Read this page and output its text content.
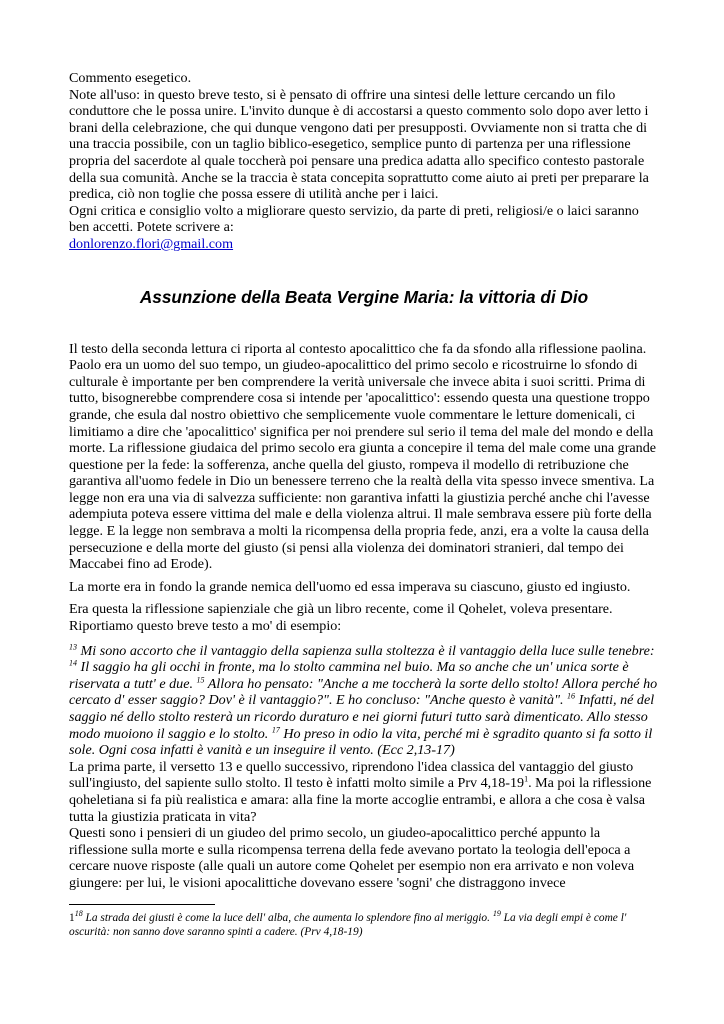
Commento esegetico.

Note all'uso: in questo breve testo, si è pensato di offrire una sintesi delle letture cercando un filo conduttore che le possa unire. L'invito dunque è di accostarsi a questo commento solo dopo aver letto i brani della celebrazione, che qui dunque vengono dati per presupposti. Ovviamente non si tratta che di una traccia possibile, con un taglio biblico-esegetico, semplice punto di partenza per una riflessione propria del sacerdote al quale toccherà poi pensare una predica adatta allo specifico contesto pastorale della sua comunità. Anche se la traccia è stata concepita soprattutto come aiuto ai preti per preparare la predica, ciò non toglie che possa essere di utilità anche per i laici.

Ogni critica e consiglio volto a migliorare questo servizio, da parte di preti, religiosi/e o laici saranno ben accetti. Potete scrivere a:

donlorenzo.flori@gmail.com

Assunzione della Beata Vergine Maria: la vittoria di Dio

Il testo della seconda lettura ci riporta al contesto apocalittico che fa da sfondo alla riflessione paolina. Paolo era un uomo del suo tempo, un giudeo-apocalittico del primo secolo e ricostruirne lo sfondo di culturale è importante per ben comprendere la verità universale che invece abita i suoi scritti. Prima di tutto, bisognerebbe comprendere cosa si intende per 'apocalittico': essendo questa una questione troppo grande, che esula dal nostro obiettivo che semplicemente vuole commentare le letture domenicali, ci limitiamo a dire che 'apocalittico' significa per noi prendere sul serio il tema del male del mondo e della morte. La riflessione giudaica del primo secolo era giunta a concepire il tema del male come una grande questione per la fede: la sofferenza, anche quella del giusto, rompeva il modello di retribuzione che garantiva all'uomo fedele in Dio un benessere terreno che la realtà della vita spesso invece smentiva. La legge non era una via di salvezza sufficiente: non garantiva infatti la giustizia perché anche chi l'avesse adempiuta poteva essere vittima del male e della violenza altrui. Il male sembrava essere più forte della legge. E la legge non sembrava a molti la ricompensa della propria fede, anzi, era a volte la causa della persecuzione e della morte del giusto (si pensi alla violenza dei dominatori stranieri, dal tempo dei Maccabei fino ad Erode).

La morte era in fondo la grande nemica dell'uomo ed essa imperava su ciascuno, giusto ed ingiusto.

Era questa la riflessione sapienziale che già un libro recente, come il Qohelet, voleva presentare. Riportiamo questo breve testo a mo' di esempio:

$^{13}$ Mi sono accorto che il vantaggio della sapienza sulla stoltezza è il vantaggio della luce sulle tenebre: $^{14}$ Il saggio ha gli occhi in fronte, ma lo stolto cammina nel buio. Ma so anche che un' unica sorte è riservata a tutt' e due. $^{15}$ Allora ho pensato: "Anche a me toccherà la sorte dello stolto! Allora perché ho cercato d' esser saggio? Dov' è il vantaggio?". E ho concluso: "Anche questo è vanità". $^{16}$ Infatti, né del saggio né dello stolto resterà un ricordo duraturo e nei giorni futuri tutto sarà dimenticato. Allo stesso modo muoiono il saggio e lo stolto. $^{17}$ Ho preso in odio la vita, perché mi è sgradito quanto si fa sotto il sole. Ogni cosa infatti è vanità e un inseguire il vento. (Ecc 2,13-17)

La prima parte, il versetto 13 e quello successivo, riprendono l'idea classica del vantaggio del giusto sull'ingiusto, del sapiente sullo stolto. Il testo è infatti molto simile a Prv $4,18-19^1$. Ma poi la riflessione qoheletiana si fa più realistica e amara: alla fine la morte accoglie entrambi, e allora a che cosa è valsa tutta la giustizia praticata in vita?

Questi sono i pensieri di un giudeo del primo secolo, un giudeo-apocalittico perché appunto la riflessione sulla morte e sulla ricompensa terrena della fede avevano portato la teologia dell'epoca a cercare nuove risposte (alle quali un autore come Qohelet per esempio non era arrivato e non voleva giungere: per lui, le visioni apocalittiche dovevano essere 'sogni' che distraggono invece

$1^{18}$ La strada dei giusti è come la luce dell' alba, che aumenta lo splendore fino al meriggio. $^{19}$ La via degli empi è come l' oscurità: non sanno dove saranno spinti a cadere. (Prv 4,18-19)
